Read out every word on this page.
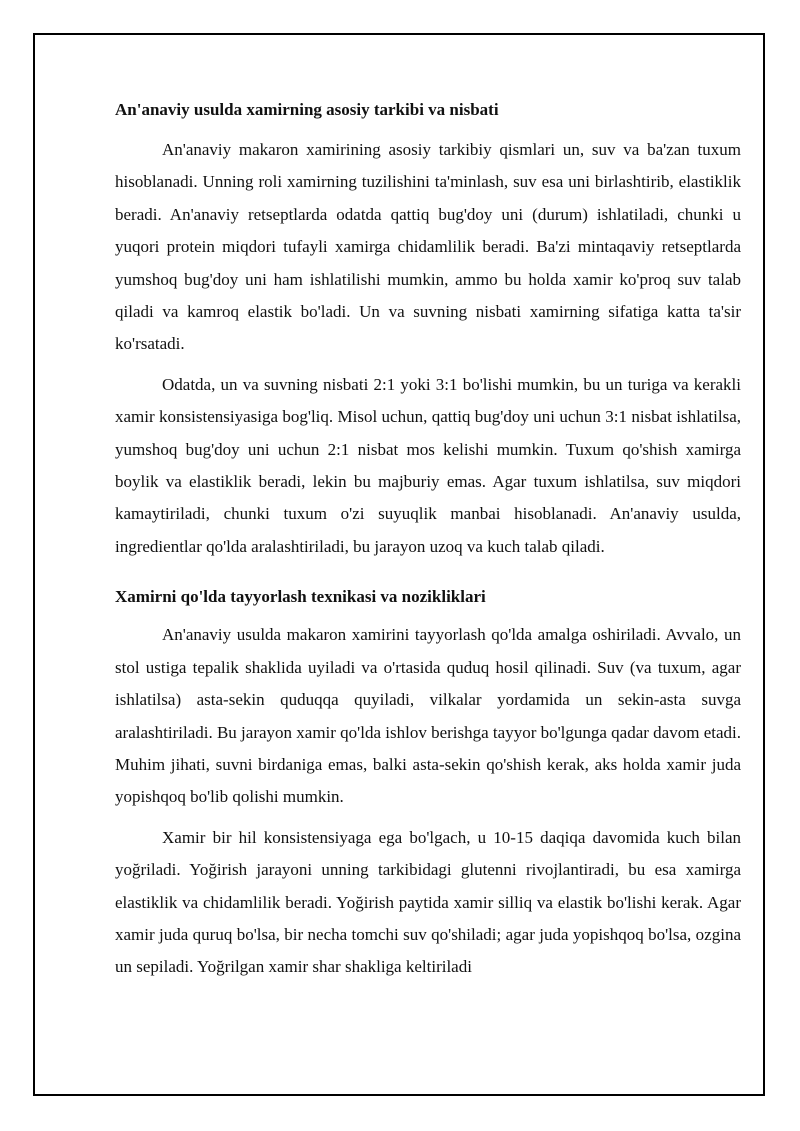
An'anaviy usulda xamirning asosiy tarkibi va nisbati

An'anaviy makaron xamirining asosiy tarkibiy qismlari un, suv va ba'zan tuxum hisoblanadi. Unning roli xamirning tuzilishini ta'minlash, suv esa uni birlashtirib, elastiklik beradi. An'anaviy retseptlarda odatda qattiq bug'doy uni (durum) ishlatiladi, chunki u yuqori protein miqdori tufayli xamirga chidamlilik beradi. Ba'zi mintaqaviy retseptlarda yumshoq bug'doy uni ham ishlatilishi mumkin, ammo bu holda xamir ko'proq suv talab qiladi va kamroq elastik bo'ladi. Un va suvning nisbati xamirning sifatiga katta ta'sir ko'rsatadi.

Odatda, un va suvning nisbati 2:1 yoki 3:1 bo'lishi mumkin, bu un turiga va kerakli xamir konsistensiyasiga bog'liq. Misol uchun, qattiq bug'doy uni uchun 3:1 nisbat ishlatilsa, yumshoq bug'doy uni uchun 2:1 nisbat mos kelishi mumkin. Tuxum qo'shish xamirga boylik va elastiklik beradi, lekin bu majburiy emas. Agar tuxum ishlatilsa, suv miqdori kamaytiriladi, chunki tuxum o'zi suyuqlik manbai hisoblanadi. An'anaviy usulda, ingredientlar qo'lda aralashtiriladi, bu jarayon uzoq va kuch talab qiladi.

Xamirni qo'lda tayyorlash texnikasi va nozikliklari

An'anaviy usulda makaron xamirini tayyorlash qo'lda amalga oshiriladi. Avvalo, un stol ustiga tepalik shaklida uyiladi va o'rtasida quduq hosil qilinadi. Suv (va tuxum, agar ishlatilsa) asta-sekin quduqqa quyiladi, vilkalar yordamida un sekin-asta suvga aralashtiriladi. Bu jarayon xamir qo'lda ishlov berishga tayyor bo'lgunga qadar davom etadi. Muhim jihati, suvni birdaniga emas, balki asta-sekin qo'shish kerak, aks holda xamir juda yopishqoq bo'lib qolishi mumkin.

Xamir bir hil konsistensiyaga ega bo'lgach, u 10-15 daqiqa davomida kuch bilan yoğriladi. Yoğirish jarayoni unning tarkibidagi glutenni rivojlantiradi, bu esa xamirga elastiklik va chidamlilik beradi. Yoğirish paytida xamir silliq va elastik bo'lishi kerak. Agar xamir juda quruq bo'lsa, bir necha tomchi suv qo'shiladi; agar juda yopishqoq bo'lsa, ozgina un sepiladi. Yoğrilgan xamir shar shakliga keltiriladi
